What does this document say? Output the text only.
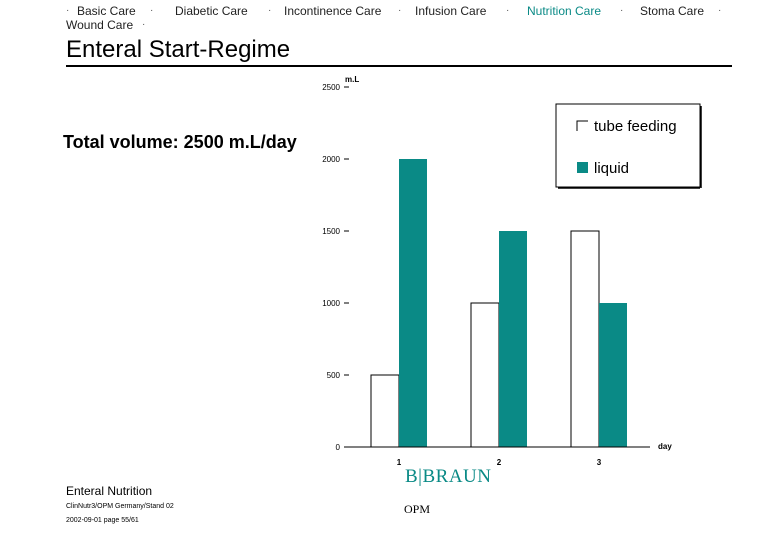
· Basic Care · Diabetic Care · Incontinence Care · Infusion Care · Nutrition Care · Stoma Care ·
Wound Care ·
Enteral Start-Regime
Total volume: 2500 m.L/day
0
500
1000
1500
2000
2500
m.L
1	2	3
day
tube feeding
liquid
Enteral Nutrition
ClinNutr3/OPM Germany/Stand 02
2002-09-01 page 55/61
B|BRAUN
OPM
